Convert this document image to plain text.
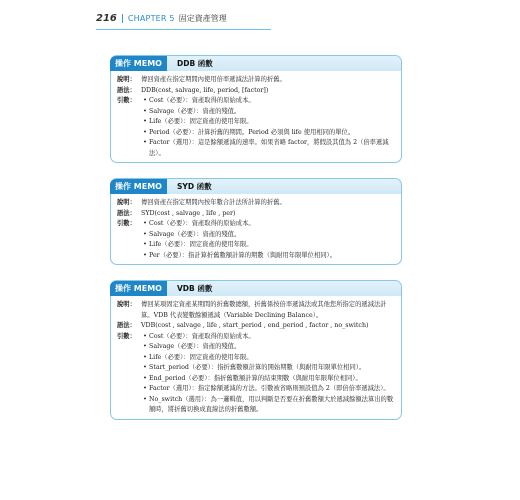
216 CHAPTER 5 固定資產管理
操作 MEMO	DDB 函數
說明： 傳回資產在指定期間內使用倍率遞減法計算的折舊。
語法： DDB(cost, salvage, life, period, [factor])
引數：	• Cost（必要）：資產取得的原始成本。
• Salvage（必要）：資產的殘值。
• Life（必要）：固定資產的使用年限。
• Period（必要）：計算折舊的期間。Period 必須與 life 使用相同的單位。
• Factor（選用）：這是餘額遞減的速率。如果省略 factor，將假設其值為 2（倍率遞減法）。
操作 MEMO	SYD 函數
說明： 傳回資產在指定期間內按年數合計法所計算的折舊。
語法： SYD(cost , salvage , life , per)
引數：	• Cost（必要）：資產取得的原始成本。
• Salvage（必要）：資產的殘值。
• Life（必要）：固定資產的使用年限。
• Per（必要）：指計算折舊數額計算的期數（與耐用年限單位相同）。
操作 MEMO	VDB 函數
說明： 傳回某項固定資產某期間的折舊數總額，折舊係按倍率遞減法或其他您所指定的遞減法計算。VDB 代表變數餘額遞減（Variable Declining Balance）。
語法： VDB(cost , salvage , life , start_period , end_period , factor , no_switch)
引數：	• Cost（必要）：資產取得的原始成本。
• Salvage（必要）：資產的殘值。
• Life（必要）：固定資產的使用年限。
• Start_period（必要）：指折舊數額計算的開始期數（與耐用年限單位相同）。
• End_period（必要）：指折舊數額計算的結束期數（與耐用年限單位相同）。
• Factor（選用）：指定餘額遞減的方法。引數被省略則預設值為 2（即倍倍率遞減法）。
• No_switch（選用）：為一邏輯值，用以判斷是否要在折舊數額大於遞減餘額法算出的數額時，將折舊切換成直線法的折舊數額。
